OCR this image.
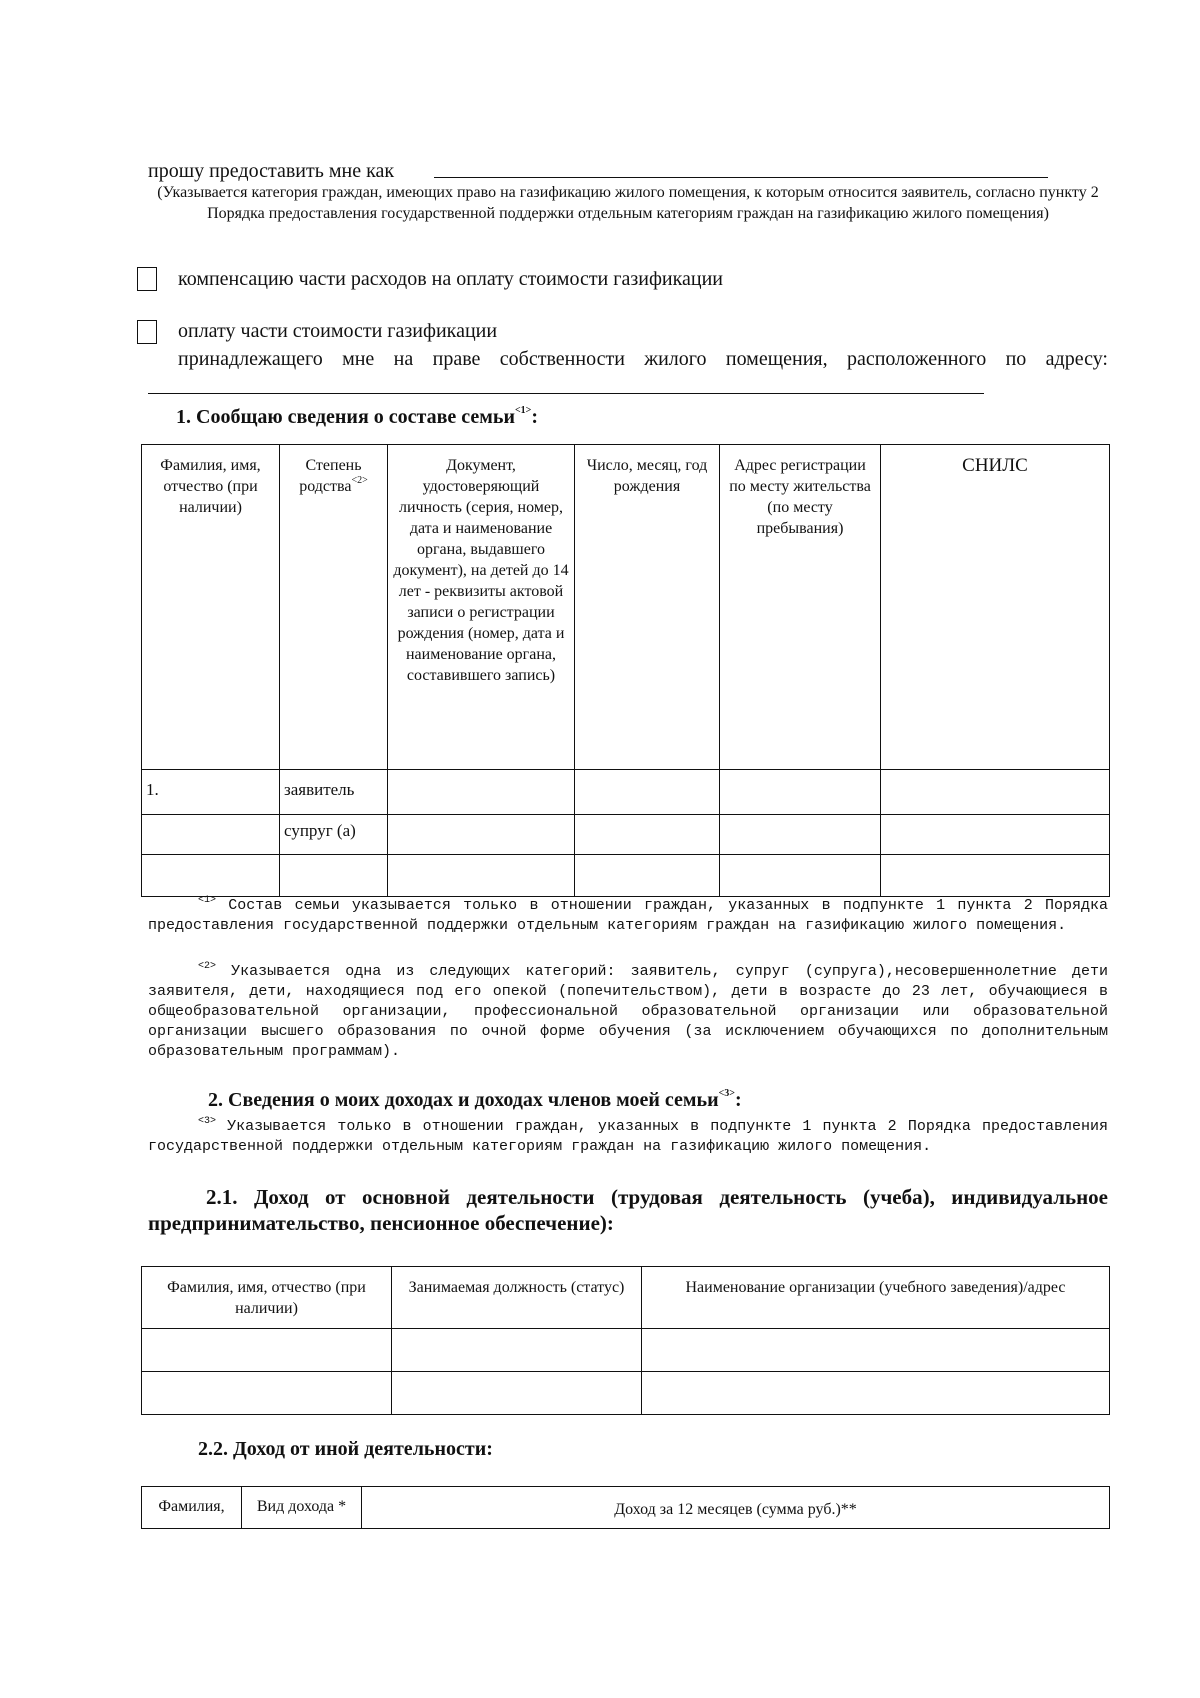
прошу предоставить мне как
(Указывается категория граждан, имеющих право на газификацию жилого помещения, к которым относится заявитель, согласно пункту 2 Порядка предоставления государственной поддержки отдельным категориям граждан на газификацию жилого помещения)
компенсацию части расходов на оплату стоимости газификации
оплату части стоимости газификации
принадлежащего мне на праве собственности жилого помещения, расположенного по адресу:
1. Сообщаю сведения о составе семьи$^{<1>}$:
Фамилия, имя, отчество (при наличии)	Степень родства$^{<2>}$	Документ, удостоверяющий личность (серия, номер, дата и наименование органа, выдавшего документ), на детей до 14 лет - реквизиты актовой записи о регистрации рождения (номер, дата и наименование органа, составившего запись)	Число, месяц, год рождения	Адрес регистрации по месту жительства (по месту пребывания)	СНИЛС
1.	заявитель				
	супруг (а)				

$^{<1>}$ Состав семьи указывается только в отношении граждан, указанных в подпункте 1 пункта 2 Порядка предоставления государственной поддержки отдельным категориям граждан на газификацию жилого помещения.
$^{<2>}$ Указывается одна из следующих категорий: заявитель, супруг (супруга),несовершеннолетние дети заявителя, дети, находящиеся под его опекой (попечительством), дети в возрасте до 23 лет, обучающиеся в общеобразовательной организации, профессиональной образовательной организации или образовательной организации высшего образования по очной форме обучения (за исключением обучающихся по дополнительным образовательным программам).
2. Сведения о моих доходах и доходах членов моей семьи$^{<3>}$:
$^{<3>}$ Указывается только в отношении граждан, указанных в подпункте 1 пункта 2 Порядка предоставления государственной поддержки отдельным категориям граждан на газификацию жилого помещения.
2.1. Доход от основной деятельности (трудовая деятельность (учеба), индивидуальное предпринимательство, пенсионное обеспечение):
Фамилия, имя, отчество (при наличии)	Занимаемая должность (статус)	Наименование организации (учебного заведения)/адрес

2.2. Доход от иной деятельности:
Фамилия,	Вид дохода *	Доход за 12 месяцев (сумма руб.)**
